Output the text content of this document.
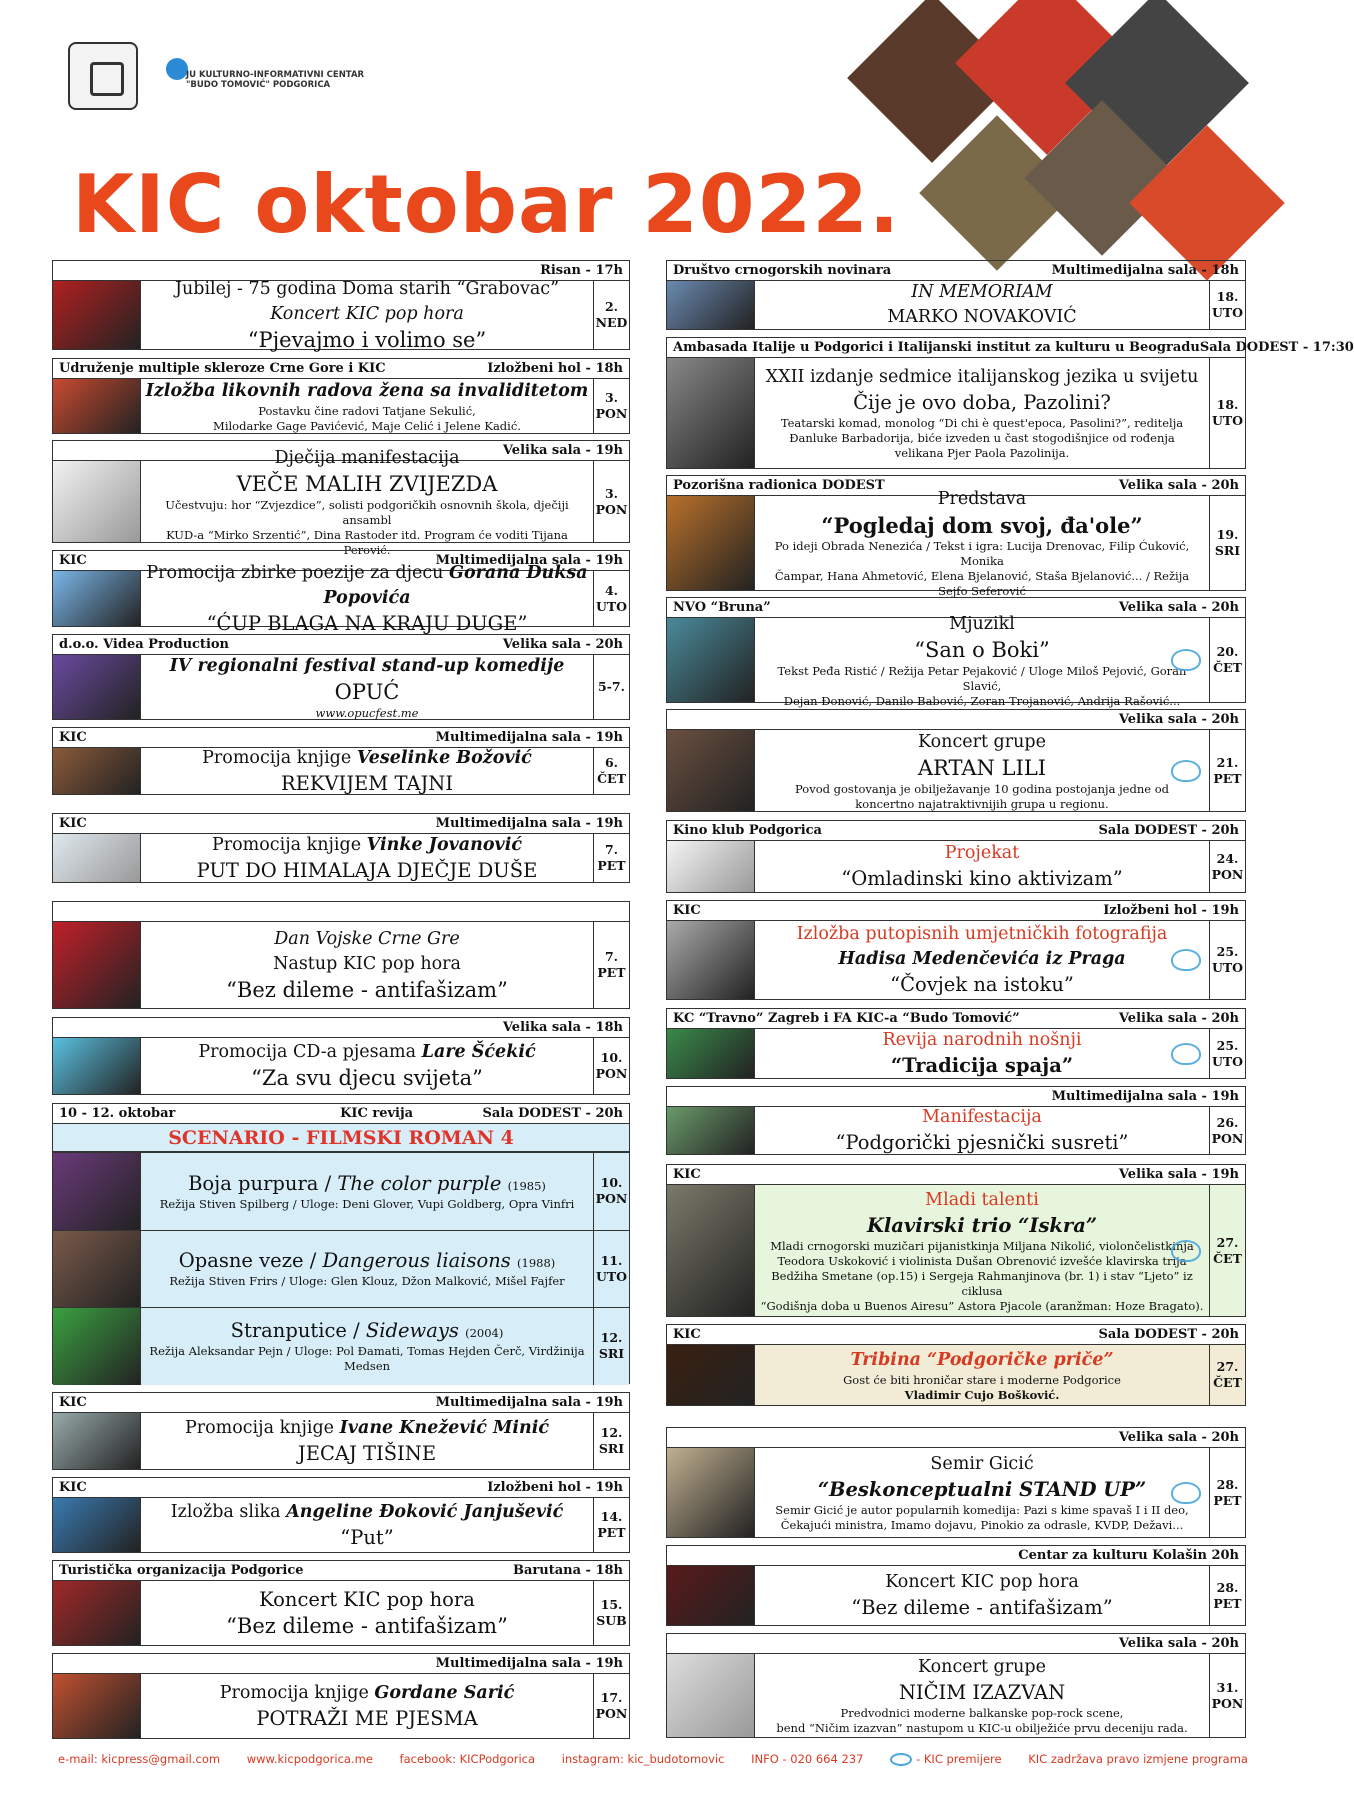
JU KULTURNO-INFORMATIVNI CENTAR
"BUDO TOMOVIĆ" PODGORICA
KIC oktobar 2022.
Risan - 17h
Jubilej - 75 godina Doma starih “Grabovac”
Koncert KIC pop hora
“Pjevajmo i volimo se”
2.
NED
Udruženje multiple skleroze Crne Gore i KIC	Izložbeni hol - 18h
Izložba likovnih radova žena sa invaliditetom
Postavku čine radovi Tatjane Sekulić,
Milodarke Gage Pavićević, Maje Celić i Jelene Kadić.
3.
PON
Velika sala - 19h
Dječija manifestacija
VEČE MALIH ZVIJEZDA
Učestvuju: hor “Zvjezdice”, solisti podgoričkih osnovnih škola, dječiji ansambl
KUD-a “Mirko Srzentić”, Dina Rastoder itd. Program će voditi Tijana Perović.
3.
PON
KIC	Multimedijalna sala - 19h
Promocija zbirke poezije za djecu Gorana Duksa Popovića
“ĆUP BLAGA NA KRAJU DUGE”
4.
UTO
d.o.o. Videa Production	Velika sala - 20h
IV regionalni festival stand-up komedije
OPUĆ
www.opucfest.me
5-7.
KIC	Multimedijalna sala - 19h
Promocija knjige Veselinke Božović
REKVIJEM TAJNI
6.
ČET
KIC	Multimedijalna sala - 19h
Promocija knjige Vinke Jovanović
PUT DO HIMALAJA DJEČJE DUŠE
7.
PET
Dan Vojske Crne Gre
Nastup KIC pop hora
“Bez dileme - antifašizam”
7.
PET
Velika sala - 18h
Promocija CD-a pjesama Lare Šćekić
“Za svu djecu svijeta”
10.
PON
KIC	Multimedijalna sala - 19h
Promocija knjige Ivane Knežević Minić
JECAJ TIŠINE
12.
SRI
KIC	Izložbeni hol - 19h
Izložba slika Angeline Đoković Janjušević
“Put”
14.
PET
Turistička organizacija Podgorice	Barutana - 18h
Koncert KIC pop hora
“Bez dileme - antifašizam”
15.
SUB
Multimedijalna sala - 19h
Promocija knjige Gordane Sarić
POTRAŽI ME PJESMA
17.
PON
10 - 12. oktobar	KIC revija	Sala DODEST - 20h
SCENARIO - FILMSKI ROMAN 4
Boja purpura / The color purple (1985)
Režija Stiven Spilberg / Uloge: Deni Glover, Vupi Goldberg, Opra Vinfri
10.
PON
Opasne veze / Dangerous liaisons (1988)
Režija Stiven Frirs / Uloge: Glen Klouz, Džon Malković, Mišel Fajfer
11.
UTO
Stranputice / Sideways (2004)
Režija Aleksandar Pejn / Uloge: Pol Đamati, Tomas Hejden Čerč, Virdžinija Medsen
12.
SRI
Društvo crnogorskih novinara	Multimedijalna sala - 18h
IN MEMORIAM
MARKO NOVAKOVIĆ
18.
UTO
Ambasada Italije u Podgorici i Italijanski institut za kulturu u Beogradu Sala DODEST - 17:30
XXII izdanje sedmice italijanskog jezika u svijetu
Čije je ovo doba, Pazolini?
Teatarski komad, monolog “Di chi è quest'epoca, Pasolini?”, rediteljа
Đanluke Barbadorija, biće izveden u čast stogodišnjice od rođenja
velikana Pjer Paola Pazolinija.
18.
UTO
Pozorišna radionica DODEST	Velika sala - 20h
Predstava
“Pogledaj dom svoj, đa'ole”
Po ideji Obrada Nenezića / Tekst i igra: Lucija Drenovac, Filip Ćuković, Monika
Čampar, Hana Ahmetović, Elena Bjelanović, Staša Bjelanović... / Režija Sejfo Seferović
19.
SRI
NVO “Bruna”	Velika sala - 20h
Mjuzikl
“San o Boki”
Tekst Peđa Ristić / Režija Petar Pejaković / Uloge Miloš Pejović, Goran Slavić,
Dejan Đonović, Danilo Babović, Zoran Trojanović, Andrija Rašović...
20.
ČET
Velika sala - 20h
Koncert grupe
ARTAN LILI
Povod gostovanja je obilježavanje 10 godina postojanja jedne od
koncertno najatraktivnijih grupa u regionu.
21.
PET
Kino klub Podgorica	Sala DODEST - 20h
Projekat
“Omladinski kino aktivizam”
24.
PON
KIC	Izložbeni hol - 19h
Izložba putopisnih umjetničkih fotografija
Hadisa Medenčevića iz Praga
“Čovjek na istoku”
25.
UTO
KC “Travno” Zagreb i FA KIC-a “Budo Tomović”	Velika sala - 20h
Revija narodnih nošnji
“Tradicija spaja”
25.
UTO
Multimedijalna sala - 19h
Manifestacija
“Podgorički pjesnički susreti”
26.
PON
KIC	Velika sala - 19h
Mladi talenti
Klavirski trio “Iskra”
Mladi crnogorski muzičari pijanistkinja Miljana Nikolić, violončelistkinja
Teodora Uskoković i violinista Dušan Obrenović izvešće klavirska trija
Bedžiha Smetane (op.15) i Sergeja Rahmanjinova (br. 1) i stav “Ljeto” iz ciklusa
“Godišnja doba u Buenos Airesu” Astora Pjacole (aranžman: Hoze Bragato).
27.
ČET
KIC	Sala DODEST - 20h
Tribina “Podgoričke priče”
Gost će biti hroničar stare i moderne Podgorice
Vladimir Cujo Bošković.
27.
ČET
Velika sala - 20h
Semir Gicić
“Beskonceptualni STAND UP”
Semir Gicić je autor popularnih komedija: Pazi s kime spavaš I i II deo,
Čekajući ministra, Imamo dojavu, Pinokio za odrasle, KVDP, Dežavi...
28.
PET
Centar za kulturu Kolašin 20h
Koncert KIC pop hora
“Bez dileme - antifašizam”
28.
PET
Velika sala - 20h
Koncert grupe
NIČIM IZAZVAN
Predvodnici moderne balkanske pop-rock scene,
bend “Ničim izazvan” nastupom u KIC-u obilježiće prvu deceniju rada.
31.
PON
e-mail: kicpress@gmail.com www.kicpodgorica.me facebook: KICPodgorica instagram: kic_budotomovic INFO - 020 664 237	- KIC premijere KIC zadržava pravo izmjene programa
